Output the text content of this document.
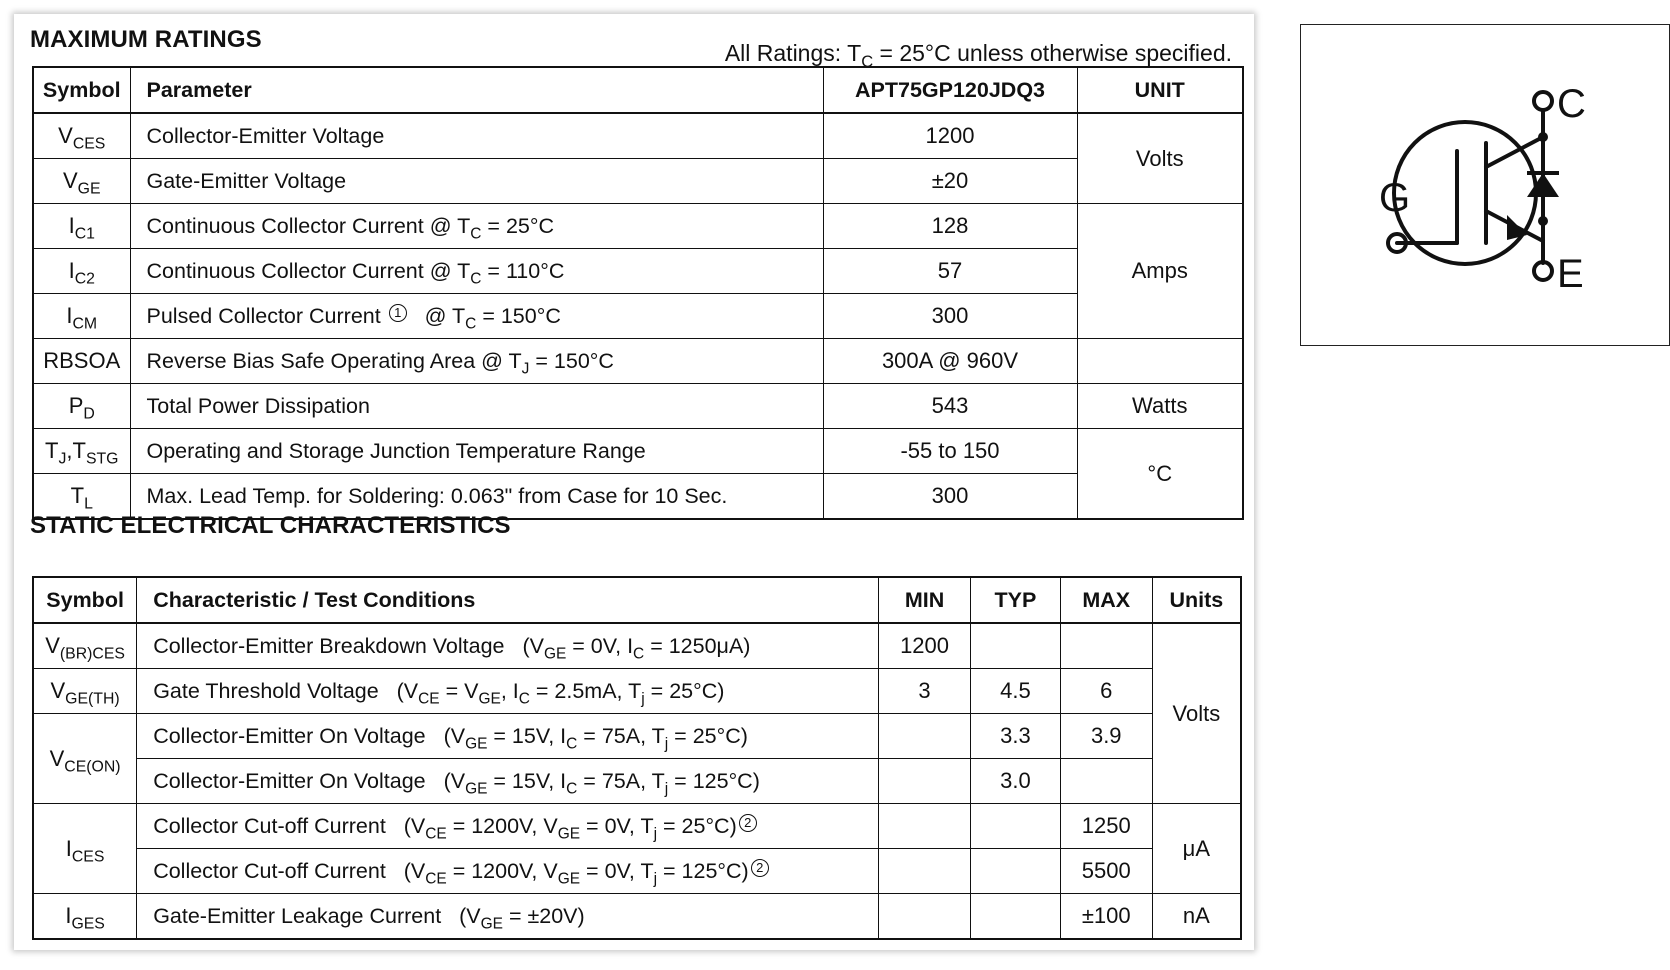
MAXIMUM RATINGS	All Ratings: $T_C = 25^\circ C$ unless otherwise specified.
Symbol	Parameter	APT75GP120JDQ3	UNIT
$V_{CES}$	Collector-Emitter Voltage	1200	Volts
$V_{GE}$	Gate-Emitter Voltage	±20	
$I_{C1}$	Continuous Collector Current @ $T_C = 25^\circ C$	128	Amps
$I_{C2}$	Continuous Collector Current @ $T_C = 110^\circ C$	57	
$I_{CM}$	Pulsed Collector Current 1 @ $T_C = 150^\circ C$	300	
RBSOA	Reverse Bias Safe Operating Area @ $T_J = 150^\circ C$	300A @ 960V	
$P_D$	Total Power Dissipation	543	Watts
$T_J,T_{STG}$	Operating and Storage Junction Temperature Range	-55 to 150	°C
$T_L$	Max. Lead Temp. for Soldering: 0.063" from Case for 10 Sec.	300	
STATIC ELECTRICAL CHARACTERISTICS
Symbol	Characteristic / Test Conditions	MIN	TYP	MAX	Units
$V_{(BR)CES}$	Collector-Emitter Breakdown Voltage ($V_{GE} = 0V$, $I_C = 1250\mu A$)	1200			Volts
$V_{GE(TH)}$	Gate Threshold Voltage ($V_{CE} = V_{GE}$, $I_C = 2.5mA$, $T_j = 25^\circ C$)	3	4.5	6	
$V_{CE(ON)}$	Collector-Emitter On Voltage ($V_{GE} = 15V$, $I_C = 75A$, $T_j = 25^\circ C$)		3.3	3.9	
	Collector-Emitter On Voltage ($V_{GE} = 15V$, $I_C = 75A$, $T_j = 125^\circ C$)		3.0		
$I_{CES}$	Collector Cut-off Current ($V_{CE} = 1200V$, $V_{GE} = 0V$, $T_j = 25^\circ C$) 2			1250	μA
	Collector Cut-off Current ($V_{CE} = 1200V$, $V_{GE} = 0V$, $T_j = 125^\circ C$) 2			5500	
$I_{GES}$	Gate-Emitter Leakage Current $(V_{GE} = \pm 20V)$			±100	nA
C
G
E
